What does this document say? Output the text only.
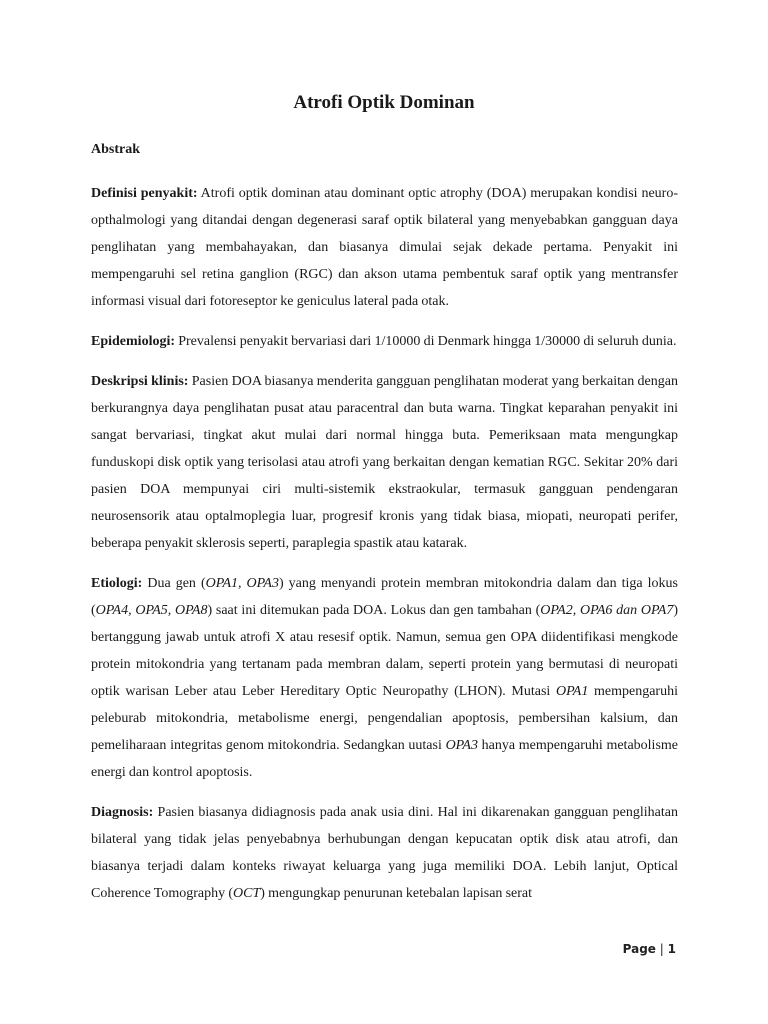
Atrofi Optik Dominan
Abstrak

Definisi penyakit: Atrofi optik dominan atau dominant optic atrophy (DOA) merupakan kondisi neuro-opthalmologi yang ditandai dengan degenerasi saraf optik bilateral yang menyebabkan gangguan daya penglihatan yang membahayakan, dan biasanya dimulai sejak dekade pertama. Penyakit ini mempengaruhi sel retina ganglion (RGC) dan akson utama pembentuk saraf optik yang mentransfer informasi visual dari fotoreseptor ke geniculus lateral pada otak.

Epidemiologi: Prevalensi penyakit bervariasi dari 1/10000 di Denmark hingga 1/30000 di seluruh dunia.

Deskripsi klinis: Pasien DOA biasanya menderita gangguan penglihatan moderat yang berkaitan dengan berkurangnya daya penglihatan pusat atau paracentral dan buta warna. Tingkat keparahan penyakit ini sangat bervariasi, tingkat akut mulai dari normal hingga buta. Pemeriksaan mata mengungkap funduskopi disk optik yang terisolasi atau atrofi yang berkaitan dengan kematian RGC. Sekitar 20% dari pasien DOA mempunyai ciri multi-sistemik ekstraokular, termasuk gangguan pendengaran neurosensorik atau optalmoplegia luar, progresif kronis yang tidak biasa, miopati, neuropati perifer, beberapa penyakit sklerosis seperti, paraplegia spastik atau katarak.

Etiologi: Dua gen (OPA1, OPA3) yang menyandi protein membran mitokondria dalam dan tiga lokus (OPA4, OPA5, OPA8) saat ini ditemukan pada DOA. Lokus dan gen tambahan (OPA2, OPA6 dan OPA7) bertanggung jawab untuk atrofi X atau resesif optik. Namun, semua gen OPA diidentifikasi mengkode protein mitokondria yang tertanam pada membran dalam, seperti protein yang bermutasi di neuropati optik warisan Leber atau Leber Hereditary Optic Neuropathy (LHON). Mutasi OPA1 mempengaruhi peleburab mitokondria, metabolisme energi, pengendalian apoptosis, pembersihan kalsium, dan pemeliharaan integritas genom mitokondria. Sedangkan uutasi OPA3 hanya mempengaruhi metabolisme energi dan kontrol apoptosis.

Diagnosis: Pasien biasanya didiagnosis pada anak usia dini. Hal ini dikarenakan gangguan penglihatan bilateral yang tidak jelas penyebabnya berhubungan dengan kepucatan optik disk atau atrofi, dan biasanya terjadi dalam konteks riwayat keluarga yang juga memiliki DOA. Lebih lanjut, Optical Coherence Tomography (OCT) mengungkap penurunan ketebalan lapisan serat

Page | 1
